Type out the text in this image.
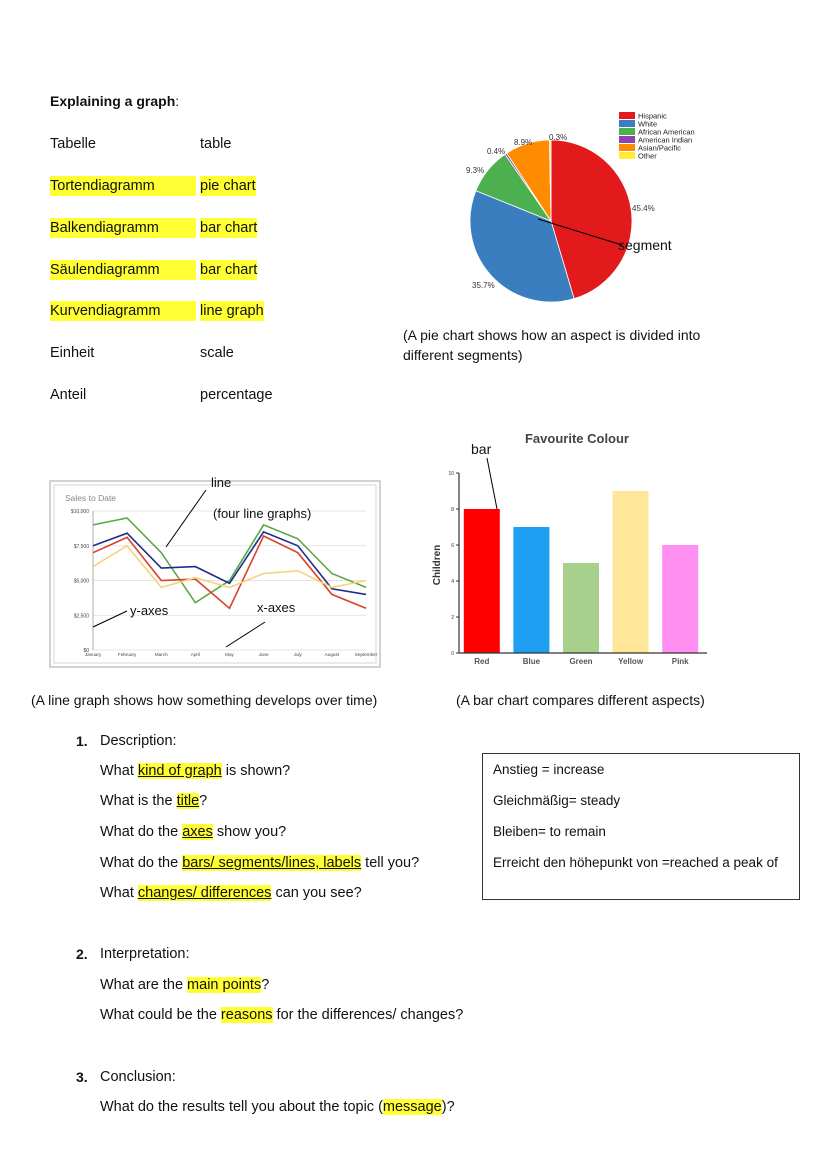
Explaining a graph:
Tabelle	table
Tortendiagramm	pie chart
Balkendiagramm	bar chart
Säulendiagramm	bar chart
Kurvendiagramm	line graph
Einheit	scale
Anteil	percentage
Hispanic
White
African American
American Indian
Asian/Pacific
Other
45.4%
35.7%
9.3%
0.4%
8.9%
0.3%
segment
(A pie chart shows how an aspect is divided into different segments)
Sales to Date
January	February	March	April	May	June	July	August	September
$10,000
$7,500
$5,000
$2,500
$0
line
(four line graphs)
y-axes	x-axes
(A line graph shows how something develops over time)
Favourite Colour
Children
0
2
4
6
8
10
Red	Blue	Green	Yellow	Pink
bar
(A bar chart compares different aspects)
1. Description:
What kind of graph is shown?
What is the title?
What do the axes show you?
What do the bars/ segments/lines, labels tell you?
What changes/ differences can you see?
Anstieg = increase
Gleichmäßig= steady
Bleiben= to remain
Erreicht den höhepunkt von =reached a peak of
2. Interpretation:
What are the main points?
What could be the reasons for the differences/ changes?
3. Conclusion:
What do the results tell you about the topic (message)?
